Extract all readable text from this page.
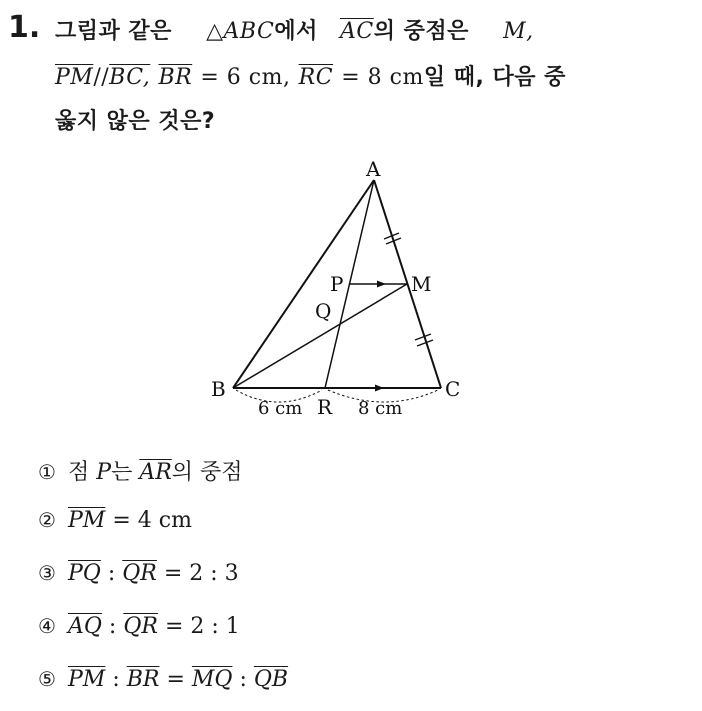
1. 그림과 같은 △ABC에서 $\overline{AC}$의 중점은 M,
$\overline{PM}//BC$, $\overline{BR} = 6$ cm, $\overline{RC} = 8$ cm일 때, 다음 중
옳지 않은 것은?
A
B	C
M
P
Q
R
6 cm	8 cm
① 점 P는 $\overline{AR}$의 중점
② $\overline{PM} = 4$ cm
③ $\overline{PQ}$ : $\overline{QR} = 2$ : 3
④ $\overline{AQ}$ : $\overline{QR} = 2$ : 1
⑤ $\overline{PM}$ : $\overline{BR} = \overline{MQ}$ : $\overline{QB}$
